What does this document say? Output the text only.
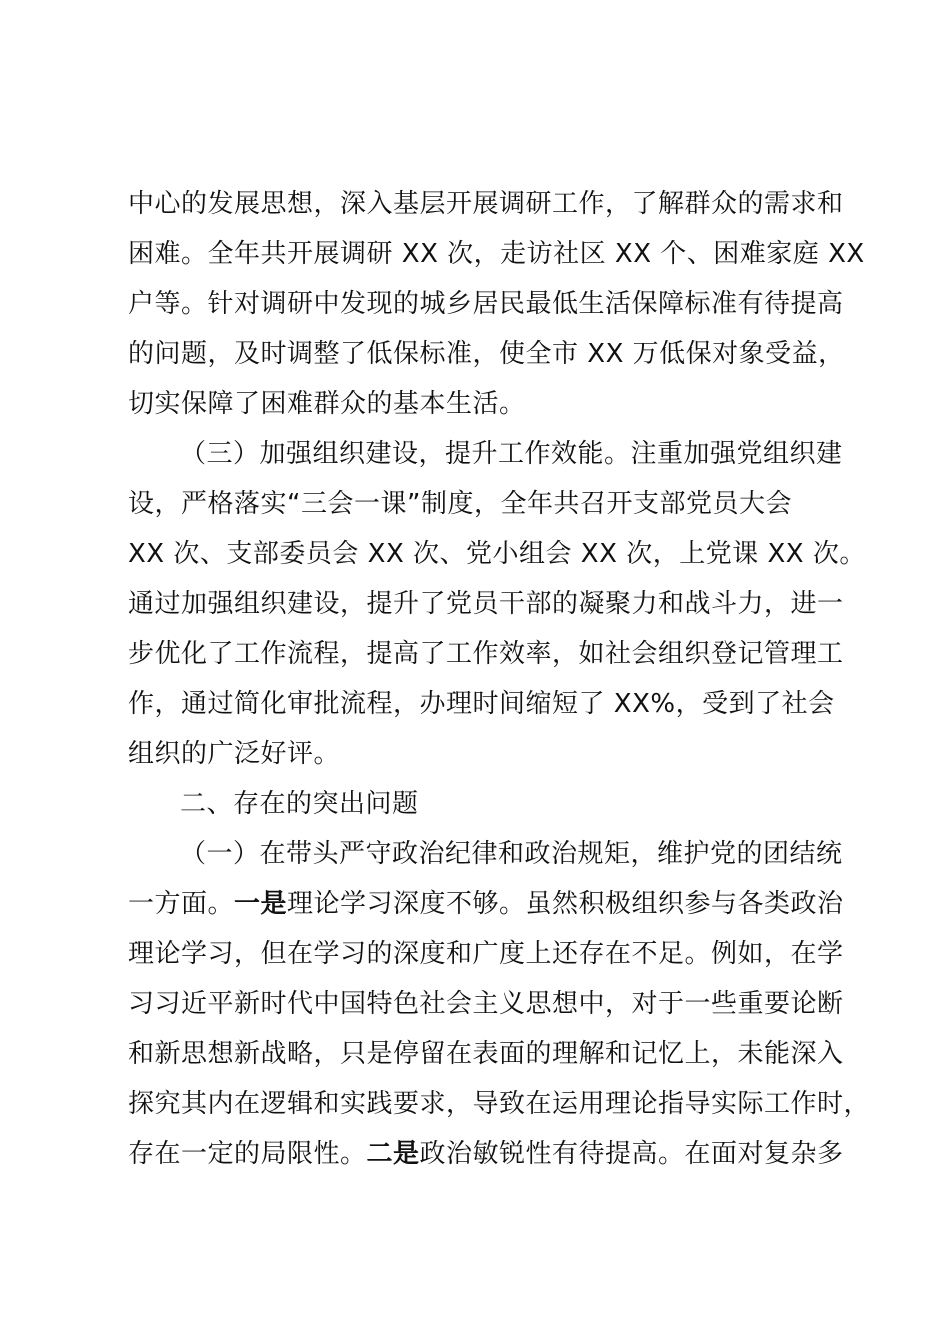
中心的发展思想，深入基层开展调研工作，了解群众的需求和
困难。全年共开展调研 XX 次，走访社区 XX 个、困难家庭 XX
户等。针对调研中发现的城乡居民最低生活保障标准有待提高
的问题，及时调整了低保标准，使全市 XX 万低保对象受益，
切实保障了困难群众的基本生活。
（三）加强组织建设，提升工作效能。注重加强党组织建
设，严格落实“三会一课”制度，全年共召开支部党员大会
XX 次、支部委员会 XX 次、党小组会 XX 次，上党课 XX 次。
通过加强组织建设，提升了党员干部的凝聚力和战斗力，进一
步优化了工作流程，提高了工作效率，如社会组织登记管理工
作，通过简化审批流程，办理时间缩短了 XX%，受到了社会
组织的广泛好评。
二、存在的突出问题
（一）在带头严守政治纪律和政治规矩，维护党的团结统
一方面。一是理论学习深度不够。虽然积极组织参与各类政治
理论学习，但在学习的深度和广度上还存在不足。例如，在学
习习近平新时代中国特色社会主义思想中，对于一些重要论断
和新思想新战略，只是停留在表面的理解和记忆上，未能深入
探究其内在逻辑和实践要求，导致在运用理论指导实际工作时，
存在一定的局限性。二是政治敏锐性有待提高。在面对复杂多
